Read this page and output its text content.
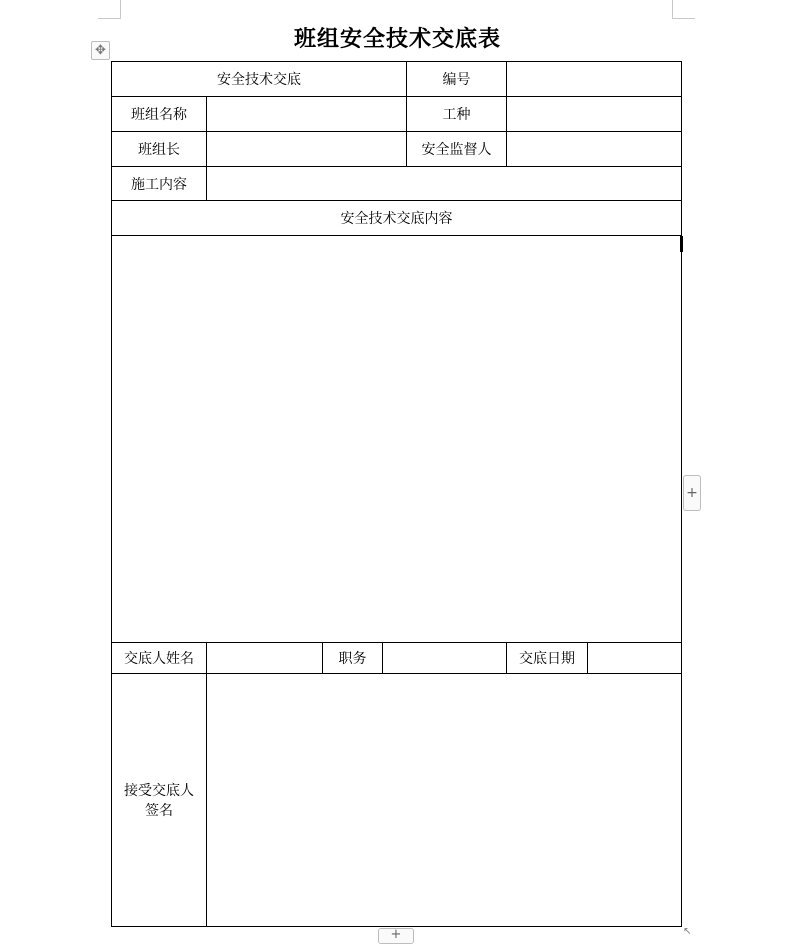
✥	班组安全技术交底表
安全技术交底				编号		
班组名称				工种		
班组长				安全监督人		
施工内容						
安全技术交底内容						

交底人姓名		职务			交底日期	
接受交底人
签名						
+
+	↖
